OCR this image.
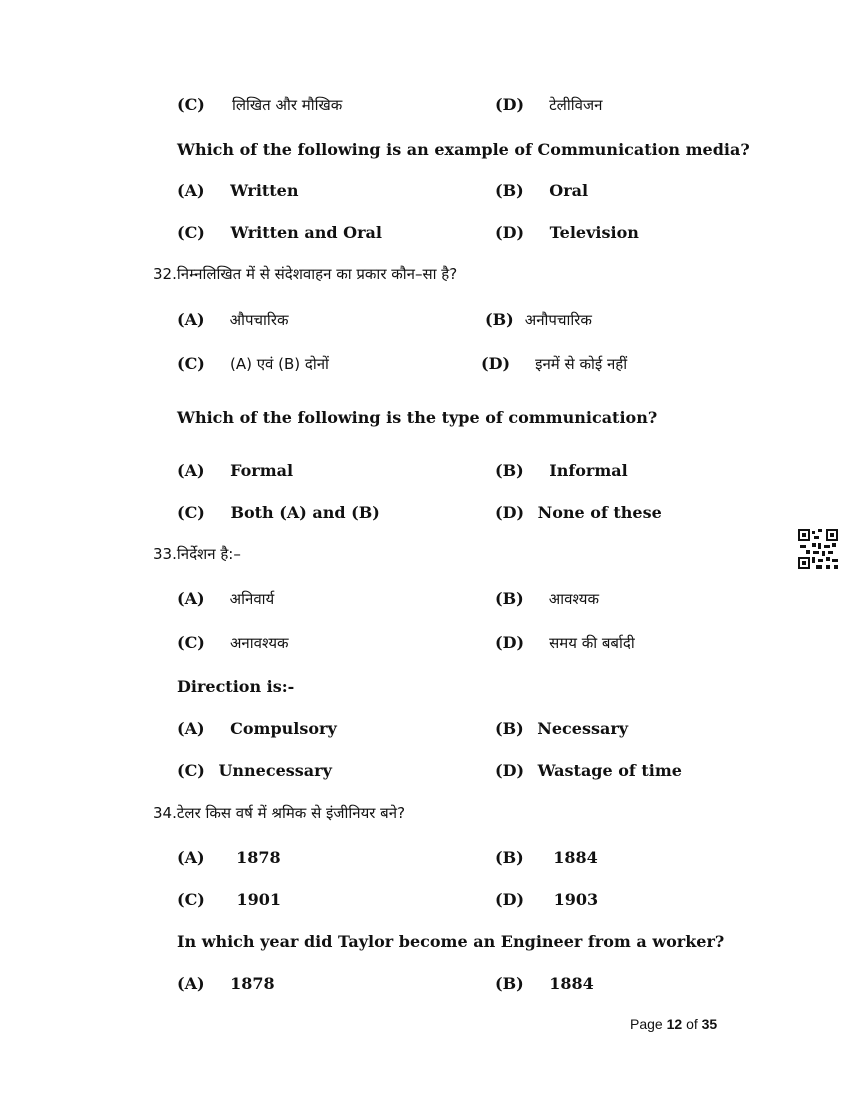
(C) लिखित और मौखिक	(D) टेलीविजन
Which of the following is an example of Communication media?
(A) Written	(B) Oral
(C) Written and Oral	(D) Television
32.निम्नलिखित में से संदेशवाहन का प्रकार कौन–सा है?
(A) औपचारिक	(B) अनौपचारिक
(C) (A) एवं (B) दोनों	(D) इनमें से कोई नहीं
Which of the following is the type of communication?
(A) Formal	(B) Informal
(C) Both (A) and (B)	(D) None of these
33.निर्देशन है:–
(A) अनिवार्य	(B) आवश्यक
(C) अनावश्यक	(D) समय की बर्बादी
Direction is:-
(A) Compulsory	(B) Necessary
(C) Unnecessary	(D) Wastage of time
34.टेलर किस वर्ष में श्रमिक से इंजीनियर बने?
(A) 1878	(B) 1884
(C) 1901	(D) 1903
In which year did Taylor become an Engineer from a worker?
(A) 1878	(B) 1884
Page 12 of 35
